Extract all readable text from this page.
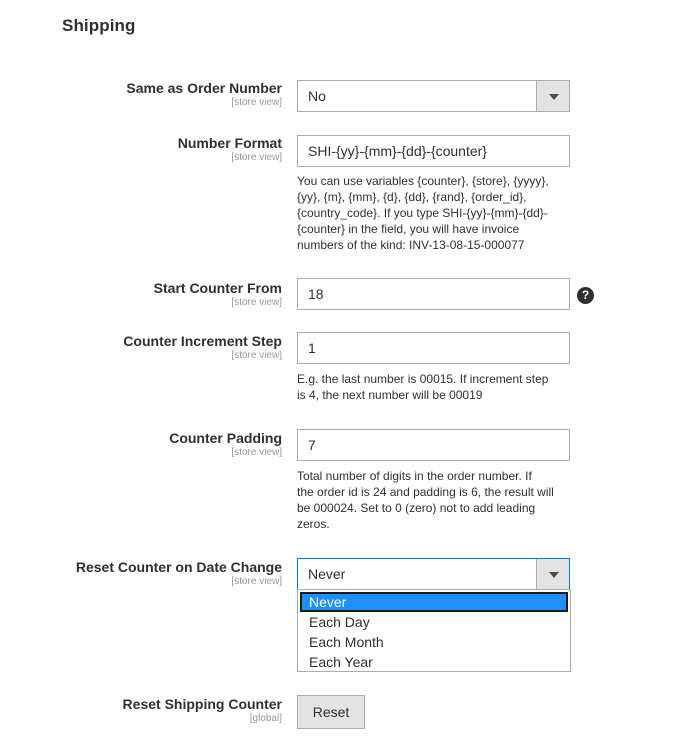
Shipping
Same as Order Number
[store view]	No
Number Format
[store view]	SHI-{yy}-{mm}-{dd}-{counter}
You can use variables {counter}, {store}, {yyyy},
{yy}, {m}, {mm}, {d}, {dd}, {rand}, {order_id},
{country_code}. If you type SHI-{yy}-{mm}-{dd}-
{counter} in the field, you will have invoice
numbers of the kind: INV-13-08-15-000077
Start Counter From
[store view]
18	?
Counter Increment Step
[store view]	1
E.g. the last number is 00015. If increment step
is 4, the next number will be 00019
Counter Padding
[store view]	7
Total number of digits in the order number. If
the order id is 24 and padding is 6, the result will
be 000024. Set to 0 (zero) not to add leading
zeros.
Reset Counter on Date Change
[store view]	Never
Never
Each Day
Each Month
Each Year
Reset Shipping Counter
[global]	Reset
